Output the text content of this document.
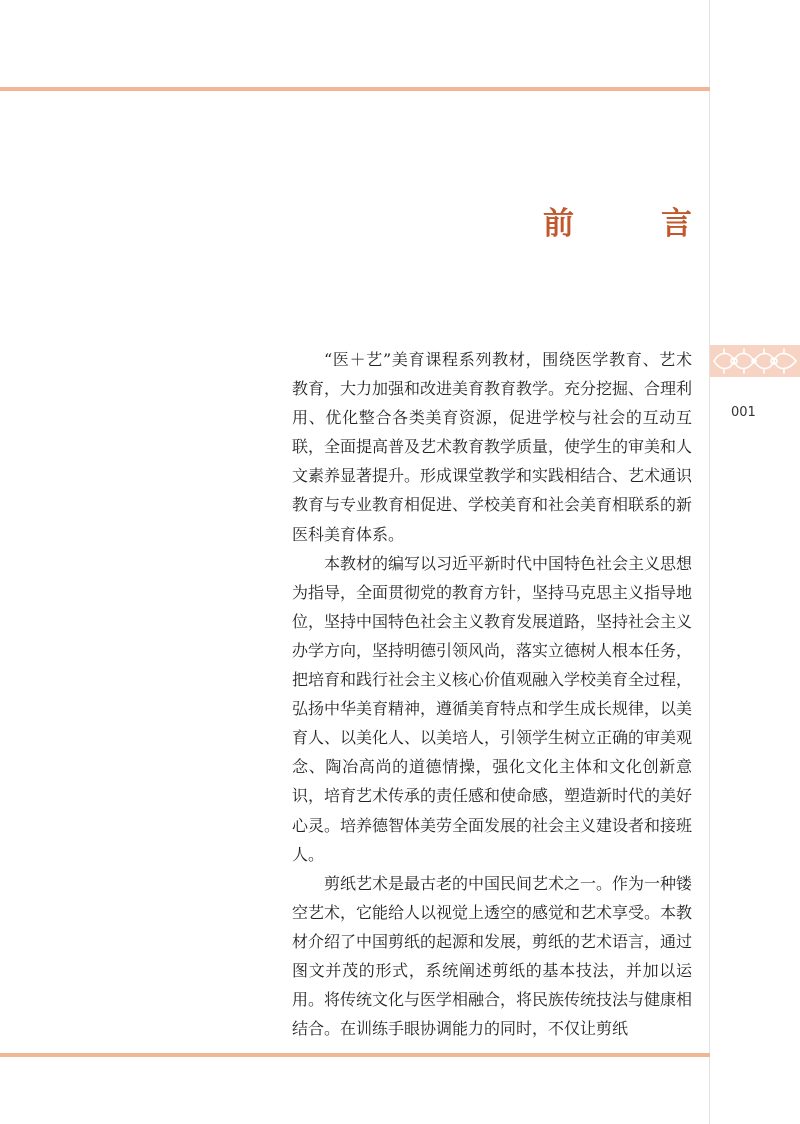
前　言

“医＋艺”美育课程系列教材，围绕医学教育、艺术教育，大力加强和改进美育教育教学。充分挖掘、合理利用、优化整合各类美育资源，促进学校与社会的互动互联，全面提高普及艺术教育教学质量，使学生的审美和人文素养显著提升。形成课堂教学和实践相结合、艺术通识教育与专业教育相促进、学校美育和社会美育相联系的新医科美育体系。

本教材的编写以习近平新时代中国特色社会主义思想为指导，全面贯彻党的教育方针，坚持马克思主义指导地位，坚持中国特色社会主义教育发展道路，坚持社会主义办学方向，坚持明德引领风尚，落实立德树人根本任务，把培育和践行社会主义核心价值观融入学校美育全过程，弘扬中华美育精神，遵循美育特点和学生成长规律，以美育人、以美化人、以美培人，引领学生树立正确的审美观念、陶冶高尚的道德情操，强化文化主体和文化创新意识，培育艺术传承的责任感和使命感，塑造新时代的美好心灵。培养德智体美劳全面发展的社会主义建设者和接班人。

剪纸艺术是最古老的中国民间艺术之一。作为一种镂空艺术，它能给人以视觉上透空的感觉和艺术享受。本教材介绍了中国剪纸的起源和发展，剪纸的艺术语言，通过图文并茂的形式，系统阐述剪纸的基本技法，并加以运用。将传统文化与医学相融合，将民族传统技法与健康相结合。在训练手眼协调能力的同时，不仅让剪纸

001
